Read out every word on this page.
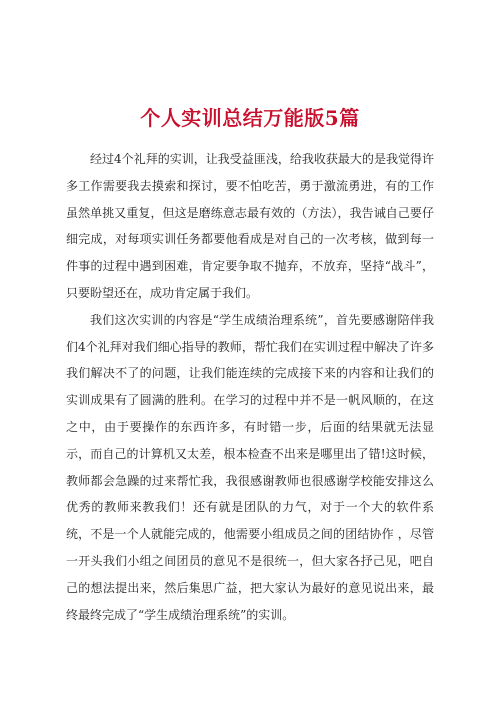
个人实训总结万能版5篇

经过4个礼拜的实训，让我受益匪浅，给我收获最大的是我觉得许多工作需要我去摸索和探讨，要不怕吃苦，勇于激流勇进，有的工作虽然单挑又重复，但这是磨练意志最有效的（方法），我告诫自己要仔细完成，对每项实训任务都要他看成是对自己的一次考核，做到每一件事的过程中遇到困难，肯定要争取不抛弃，不放弃，坚持“战斗”，只要盼望还在，成功肯定属于我们。

我们这次实训的内容是“学生成绩治理系统”，首先要感谢陪伴我们4个礼拜对我们细心指导的教师，帮忙我们在实训过程中解决了许多我们解决不了的问题，让我们能连续的完成接下来的内容和让我们的实训成果有了圆满的胜利。在学习的过程中并不是一帆风顺的，在这之中，由于要操作的东西许多，有时错一步，后面的结果就无法显示，而自己的计算机又太差，根本检查不出来是哪里出了错!这时候，教师都会急躁的过来帮忙我，我很感谢教师也很感谢学校能安排这么优秀的教师来教我们！还有就是团队的力气，对于一个大的软件系统，不是一个人就能完成的，他需要小组成员之间的团结协作 ，尽管一开头我们小组之间团员的意见不是很统一，但大家各抒己见，吧自己的想法提出来，然后集思广益，把大家认为最好的意见说出来，最终最终完成了“学生成绩治理系统”的实训。
